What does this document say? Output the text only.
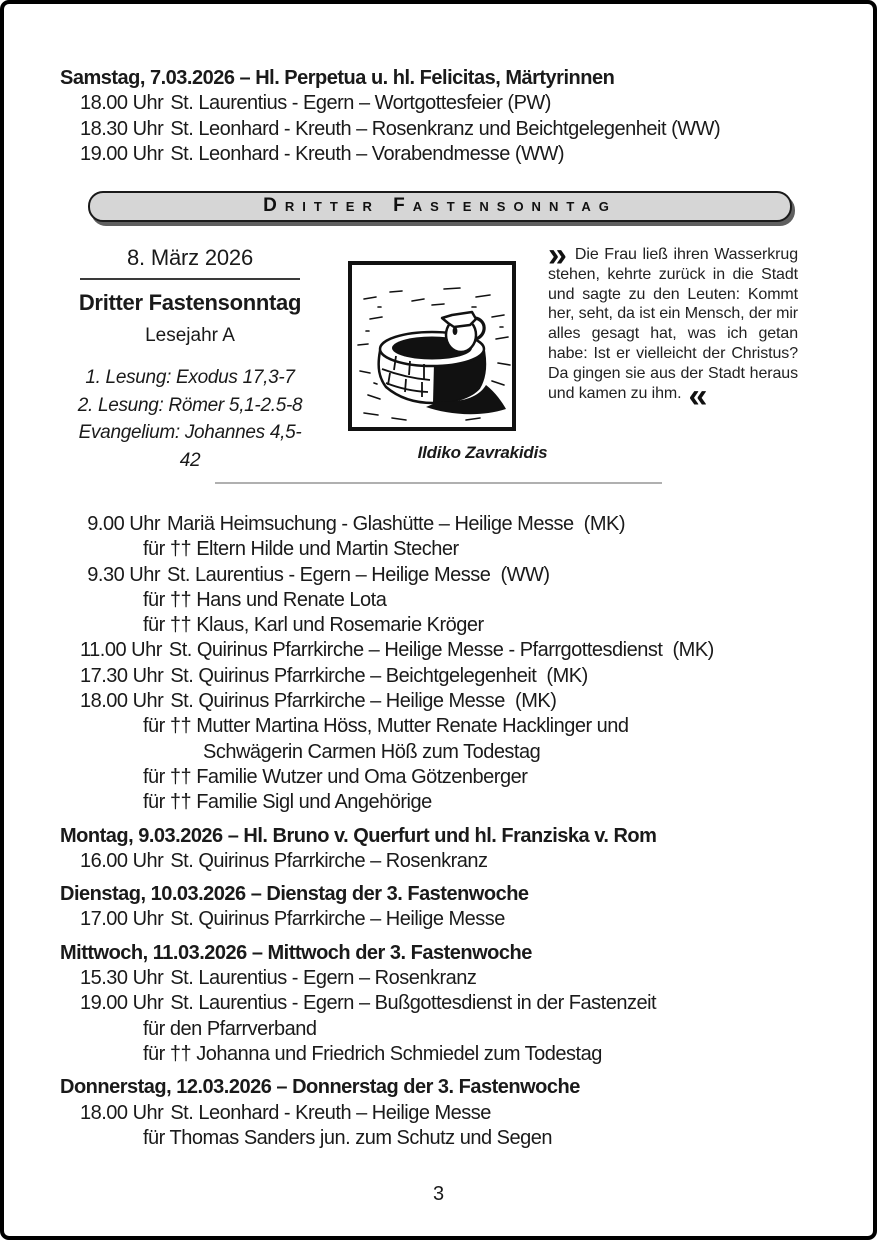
Samstag, 7.03.2026 – Hl. Perpetua u. hl. Felicitas, Märtyrinnen
18.00 Uhr St. Laurentius - Egern – Wortgottesfeier (PW)
18.30 Uhr St. Leonhard - Kreuth – Rosenkranz und Beichtgelegenheit (WW)
19.00 Uhr St. Leonhard - Kreuth – Vorabendmesse (WW)
Dritter Fastensonntag
8. März 2026
Dritter Fastensonntag
Lesejahr A
1. Lesung: Exodus 17,3-7
2. Lesung: Römer 5,1-2.5-8
Evangelium: Johannes 4,5-42	Ildiko Zavrakidis
» Die Frau ließ ihren Wasserkrug stehen, kehrte zurück in die Stadt und sagte zu den Leuten: Kommt her, seht, da ist ein Mensch, der mir alles gesagt hat, was ich getan habe: Ist er vielleicht der Christus? Da gingen sie aus der Stadt heraus und kamen zu ihm. «
9.00 Uhr Mariä Heimsuchung - Glashütte – Heilige Messe  (MK)
für †† Eltern Hilde und Martin Stecher
9.30 Uhr St. Laurentius - Egern – Heilige Messe  (WW)
für †† Hans und Renate Lota
für †† Klaus, Karl und Rosemarie Kröger
11.00 Uhr St. Quirinus Pfarrkirche – Heilige Messe - Pfarrgottesdienst  (MK)
17.30 Uhr St. Quirinus Pfarrkirche – Beichtgelegenheit  (MK)
18.00 Uhr St. Quirinus Pfarrkirche – Heilige Messe  (MK)
für †† Mutter Martina Höss, Mutter Renate Hacklinger und
Schwägerin Carmen Höß zum Todestag
für †† Familie Wutzer und Oma Götzenberger
für †† Familie Sigl und Angehörige
Montag, 9.03.2026 – Hl. Bruno v. Querfurt und hl. Franziska v. Rom
16.00 Uhr St. Quirinus Pfarrkirche – Rosenkranz
Dienstag, 10.03.2026 – Dienstag der 3. Fastenwoche
17.00 Uhr St. Quirinus Pfarrkirche – Heilige Messe
Mittwoch, 11.03.2026 – Mittwoch der 3. Fastenwoche
15.30 Uhr St. Laurentius - Egern – Rosenkranz
19.00 Uhr St. Laurentius - Egern – Bußgottesdienst in der Fastenzeit
für den Pfarrverband
für †† Johanna und Friedrich Schmiedel zum Todestag
Donnerstag, 12.03.2026 – Donnerstag der 3. Fastenwoche
18.00 Uhr St. Leonhard - Kreuth – Heilige Messe
für Thomas Sanders jun. zum Schutz und Segen
3
